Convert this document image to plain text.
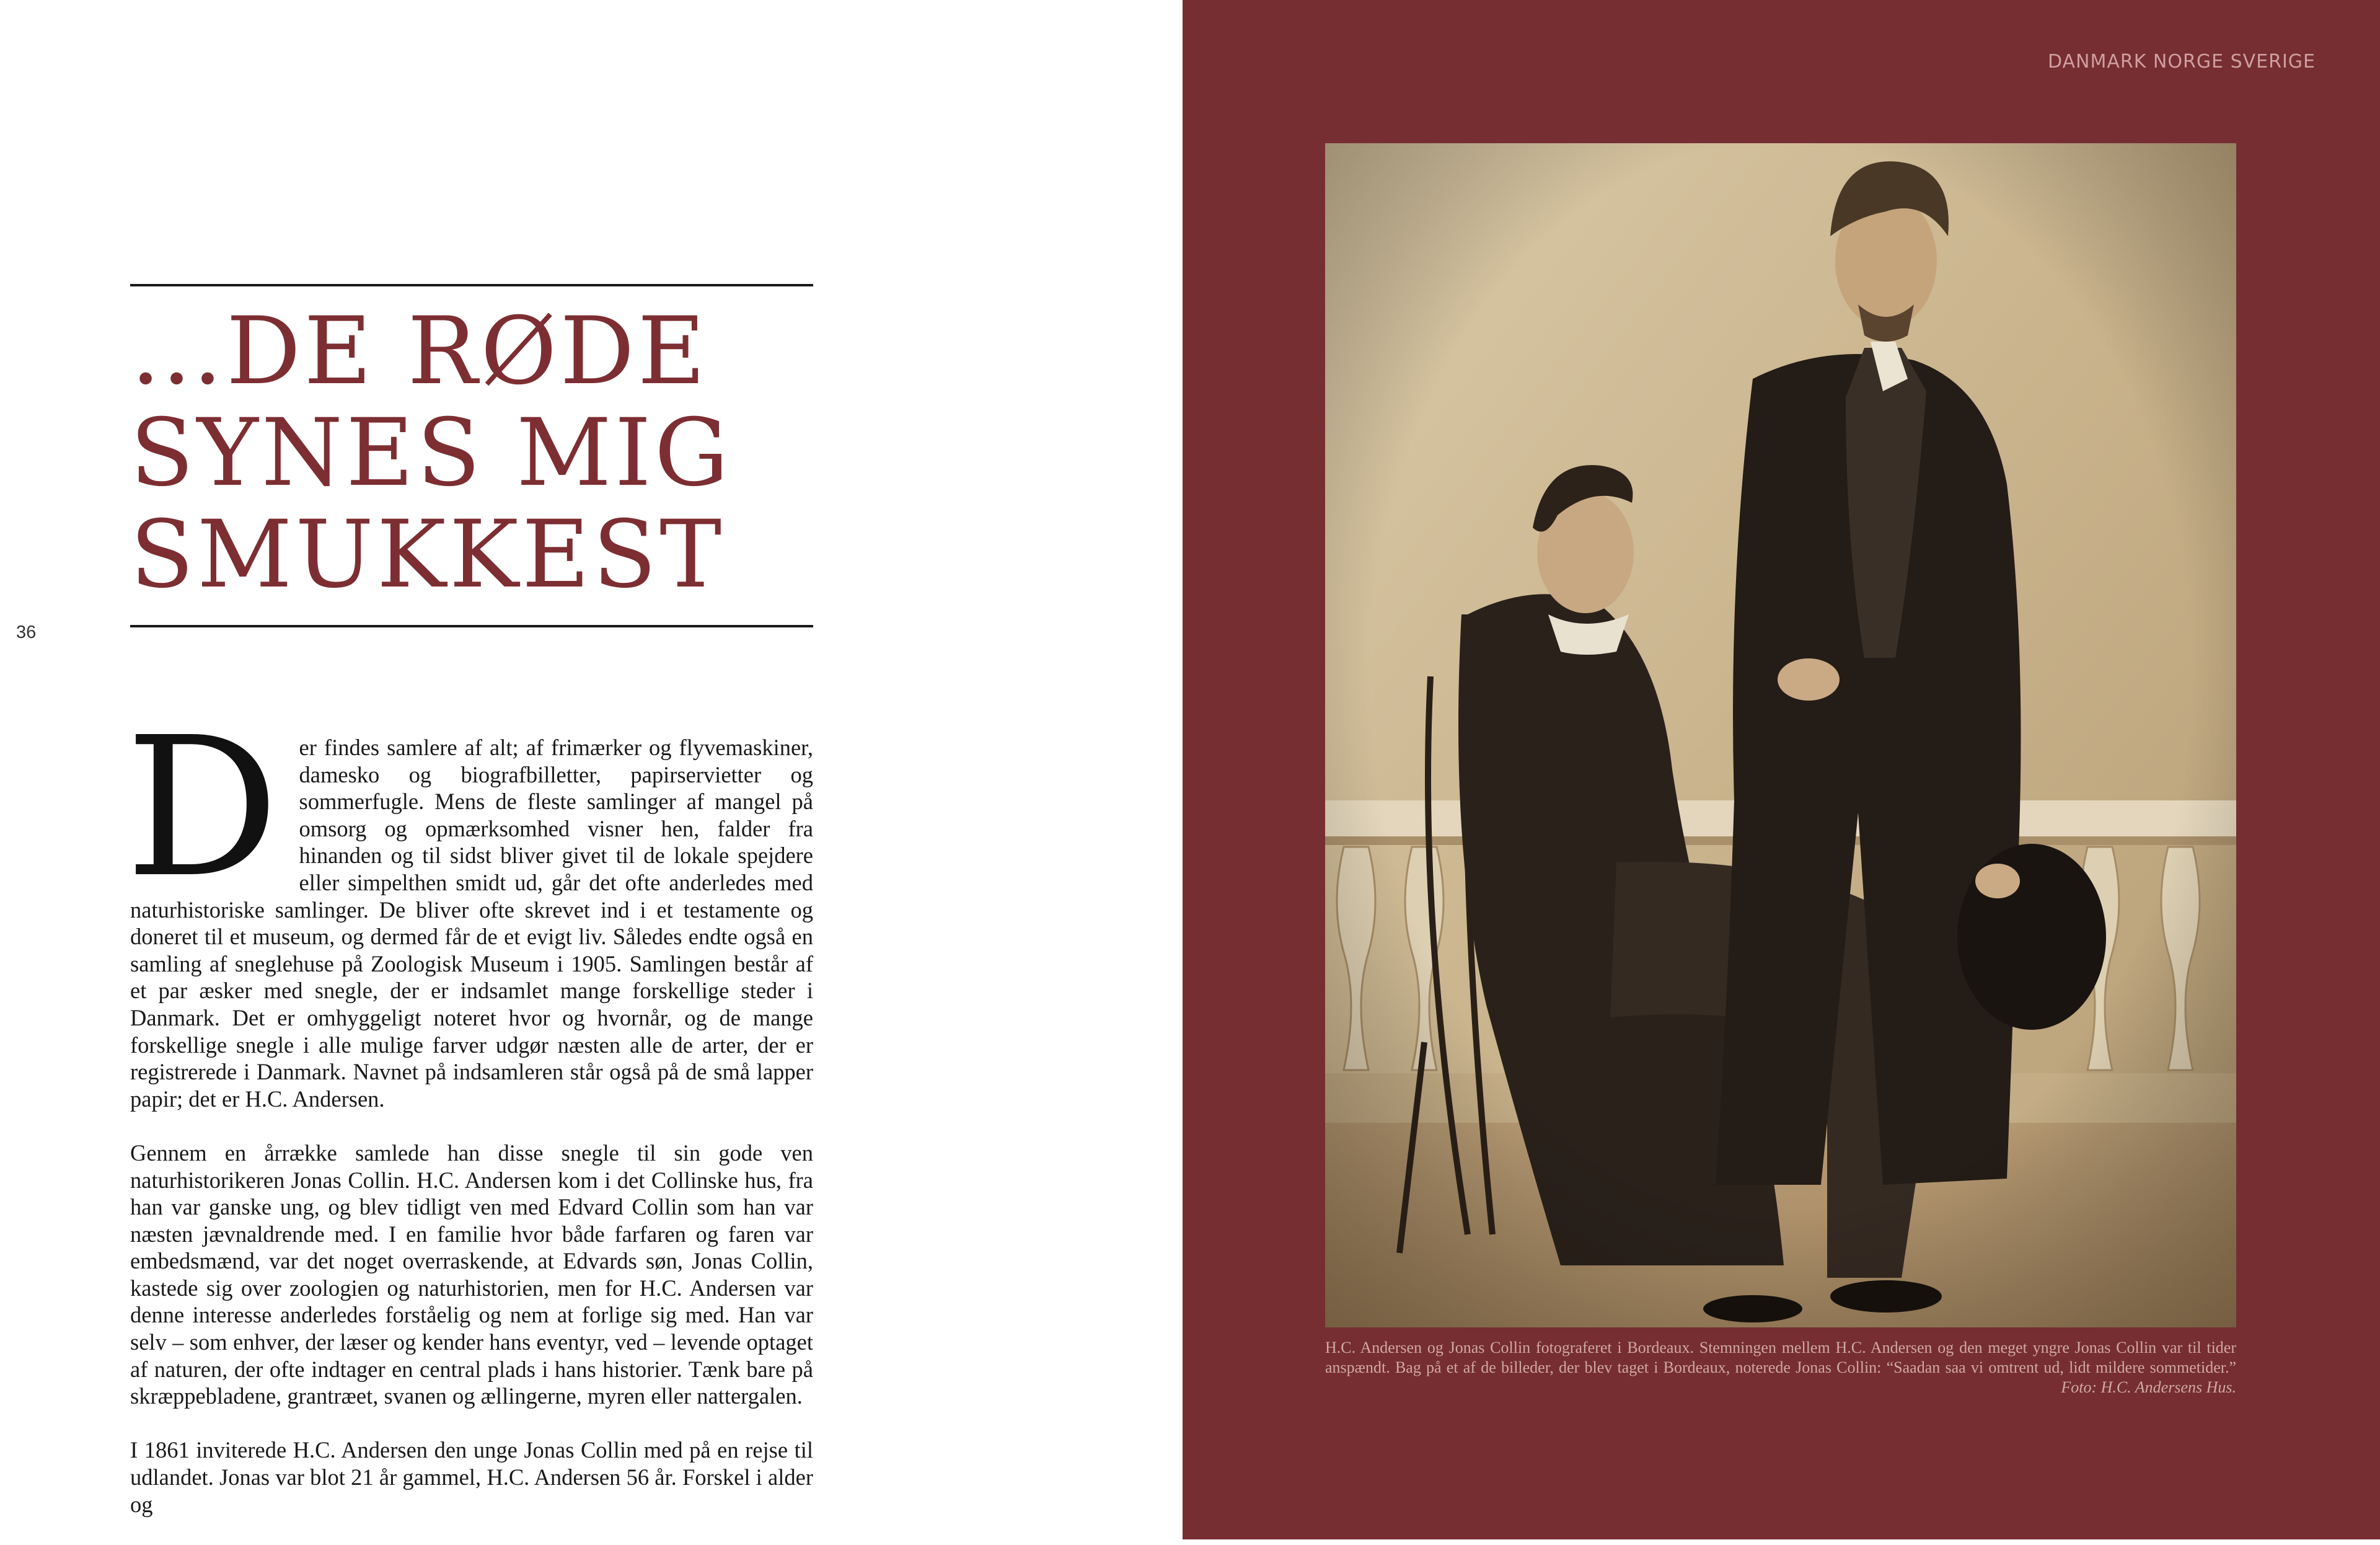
…DE RØDE
SYNES MIG
SMUKKEST
36

Der findes samlere af alt; af frimærker og flyvemaskiner, damesko og biografbilletter, papirservietter og sommerfugle. Mens de fleste samlinger af mangel på omsorg og opmærksomhed visner hen, falder fra hinanden og til sidst bliver givet til de lokale spejdere eller simpelthen smidt ud, går det ofte anderledes med naturhistoriske samlinger. De bliver ofte skrevet ind i et testamente og doneret til et museum, og dermed får de et evigt liv. Således endte også en samling af sneglehuse på Zoologisk Museum i 1905. Samlingen består af et par æsker med snegle, der er indsamlet mange forskellige steder i Danmark. Det er omhyggeligt noteret hvor og hvornår, og de mange forskellige snegle i alle mulige farver udgør næsten alle de arter, der er registrerede i Danmark. Navnet på indsamleren står også på de små lapper papir; det er H.C. Andersen.

Gennem en årrække samlede han disse snegle til sin gode ven naturhistorikeren Jonas Collin. H.C. Andersen kom i det Collinske hus, fra han var ganske ung, og blev tidligt ven med Edvard Collin som han var næsten jævnaldrende med. I en familie hvor både farfaren og faren var embedsmænd, var det noget overraskende, at Edvards søn, Jonas Collin, kastede sig over zoologien og naturhistorien, men for H.C. Andersen var denne interesse anderledes forståelig og nem at forlige sig med. Han var selv – som enhver, der læser og kender hans eventyr, ved – levende optaget af naturen, der ofte indtager en central plads i hans historier. Tænk bare på skræppebladene, grantræet, svanen og ællingerne, myren eller nattergalen.

I 1861 inviterede H.C. Andersen den unge Jonas Collin med på en rejse til udlandet. Jonas var blot 21 år gammel, H.C. Andersen 56 år. Forskel i alder og

DANMARK NORGE SVERIGE
H.C. Andersen og Jonas Collin fotograferet i Bordeaux. Stemningen mellem H.C. Andersen og den meget yngre Jonas Collin var til tider anspændt. Bag på et af de billeder, der blev taget i Bordeaux, noterede Jonas Collin: “Saadan saa vi omtrent ud, lidt mildere sommetider.” Foto: H.C. Andersens Hus.
